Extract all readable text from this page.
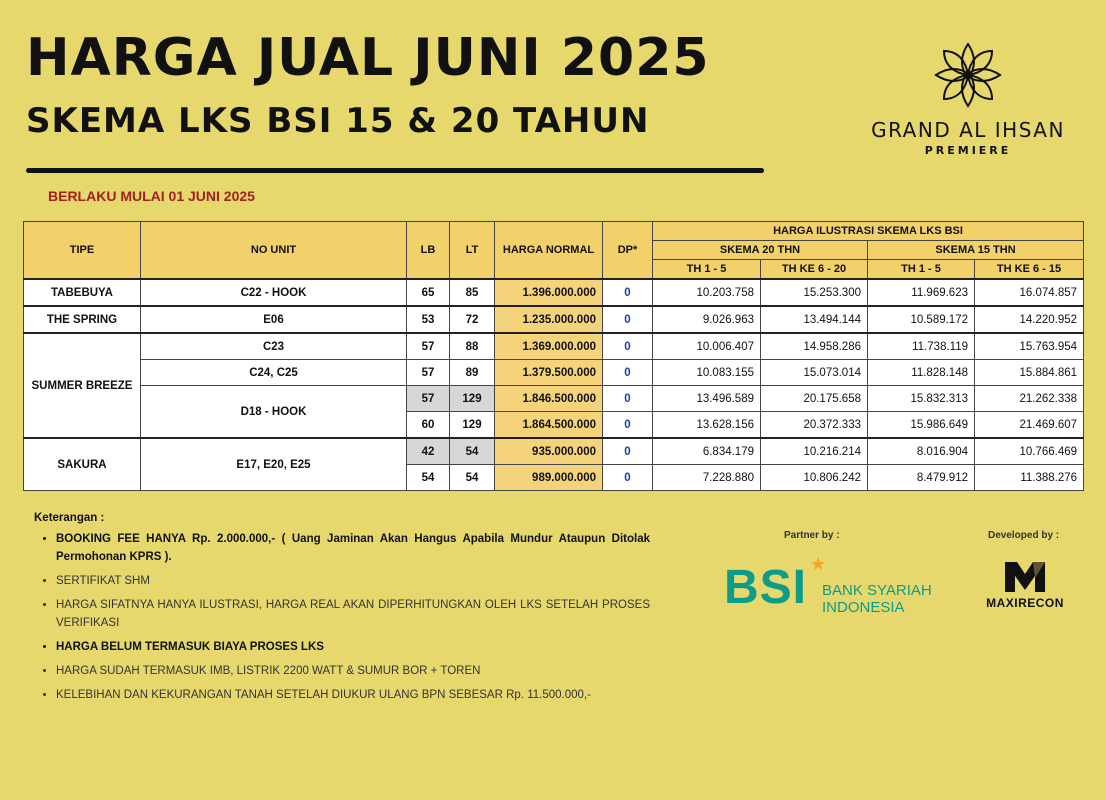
HARGA JUAL JUNI 2025
SKEMA LKS BSI 15 & 20 TAHUN	GRAND AL IHSAN
PREMIERE
BERLAKU MULAI 01 JUNI 2025
TIPE	NO UNIT	LB	LT	HARGA NORMAL	DP*	HARGA ILUSTRASI SKEMA LKS BSI			
						SKEMA 20 THN		SKEMA 15 THN	
						TH 1 - 5	TH KE 6 - 20	TH 1 - 5	TH KE 6 - 15
TABEBUYA	C22 - HOOK	65	85	1.396.000.000	0	10.203.758	15.253.300	11.969.623	16.074.857
THE SPRING	E06	53	72	1.235.000.000	0	9.026.963	13.494.144	10.589.172	14.220.952
SUMMER BREEZE	C23	57	88	1.369.000.000	0	10.006.407	14.958.286	11.738.119	15.763.954
	C24, C25	57	89	1.379.500.000	0	10.083.155	15.073.014	11.828.148	15.884.861
	D18 - HOOK	57	129	1.846.500.000	0	13.496.589	20.175.658	15.832.313	21.262.338
		60	129	1.864.500.000	0	13.628.156	20.372.333	15.986.649	21.469.607
SAKURA	E17, E20, E25	42	54	935.000.000	0	6.834.179	10.216.214	8.016.904	10.766.469
		54	54	989.000.000	0	7.228.880	10.806.242	8.479.912	11.388.276
Keterangan :
• BOOKING FEE HANYA Rp. 2.000.000,- ( Uang Jaminan Akan Hangus Apabila Mundur Ataupun Ditolak Permohonan KPRS ).
• SERTIFIKAT SHM
• HARGA SIFATNYA HANYA ILUSTRASI, HARGA REAL AKAN DIPERHITUNGKAN OLEH LKS SETELAH PROSES VERIFIKASI
• HARGA BELUM TERMASUK BIAYA PROSES LKS
• HARGA SUDAH TERMASUK IMB, LISTRIK 2200 WATT & SUMUR BOR + TOREN
• KELEBIHAN DAN KEKURANGAN TANAH SETELAH DIUKUR ULANG BPN SEBESAR Rp. 11.500.000,-
Partner by :	Developed by :
BSI ★
BANK SYARIAH
INDONESIA	MAXIRECON
